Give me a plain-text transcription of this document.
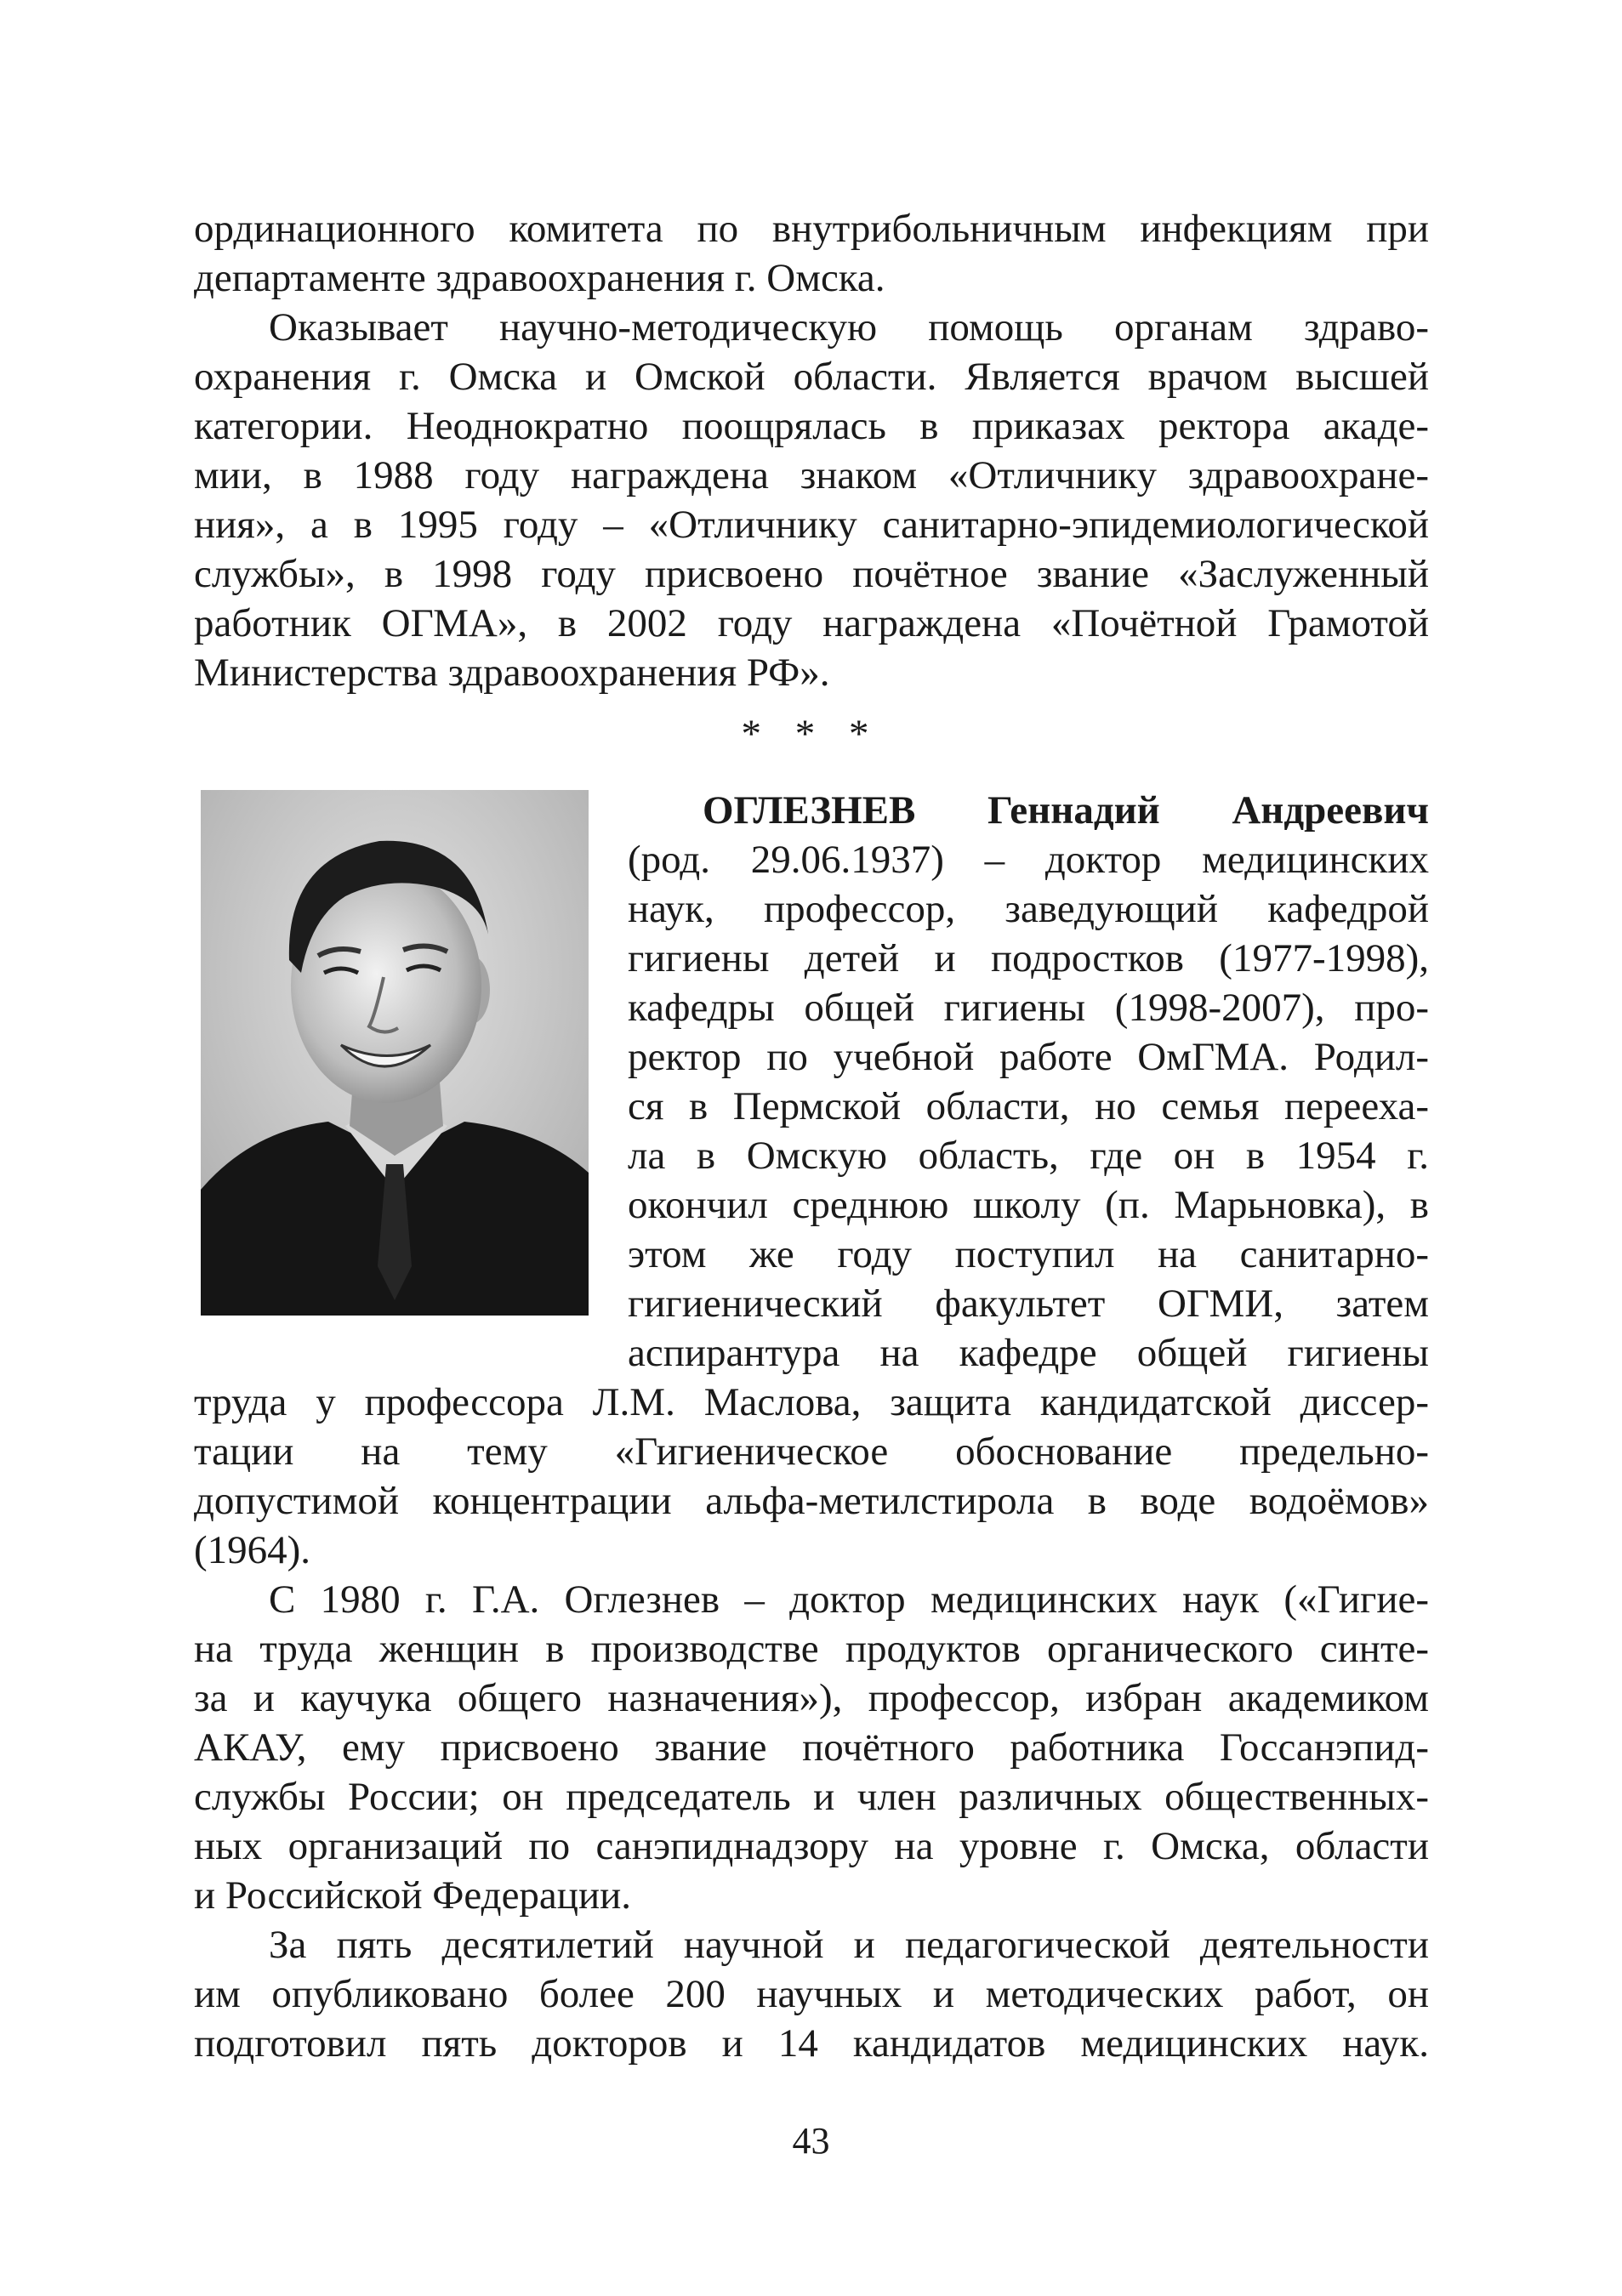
ординационного комитета по внутрибольничным инфекциям при
департаменте здравоохранения г. Омска.
Оказывает научно-методическую помощь органам здраво-
охранения г. Омска и Омской области. Является врачом высшей
категории. Неоднократно поощрялась в приказах ректора акаде-
мии, в 1988 году награждена знаком «Отличнику здравоохране-
ния», а в 1995 году – «Отличнику санитарно-эпидемиологической
службы», в 1998 году присвоено почётное звание «Заслуженный
работник ОГМА», в 2002 году награждена «Почётной Грамотой
Министерства здравоохранения РФ».
* * *
ОГЛЕЗНЕВ Геннадий Андреевич
(род. 29.06.1937) – доктор медицинских
наук, профессор, заведующий кафедрой
гигиены детей и подростков (1977-1998),
кафедры общей гигиены (1998-2007), про-
ректор по учебной работе ОмГМА. Родил-
ся в Пермской области, но семья перееха-
ла в Омскую область, где он в 1954 г.
окончил среднюю школу (п. Марьновка), в
этом же году поступил на санитарно-
гигиенический факультет ОГМИ, затем
аспирантура на кафедре общей гигиены
труда у профессора Л.М. Маслова, защита кандидатской диссер-
тации на тему «Гигиеническое обоснование предельно-
допустимой концентрации альфа-метилстирола в воде водоёмов»
(1964).
С 1980 г. Г.А. Оглезнев – доктор медицинских наук («Гигие-
на труда женщин в производстве продуктов органического синте-
за и каучука общего назначения»), профессор, избран академиком
АКАУ, ему присвоено звание почётного работника Госсанэпид-
службы России; он председатель и член различных общественных-
ных организаций по санэпиднадзору на уровне г. Омска, области
и Российской Федерации.
За пять десятилетий научной и педагогической деятельности
им опубликовано более 200 научных и методических работ, он
подготовил пять докторов и 14 кандидатов медицинских наук.
43
